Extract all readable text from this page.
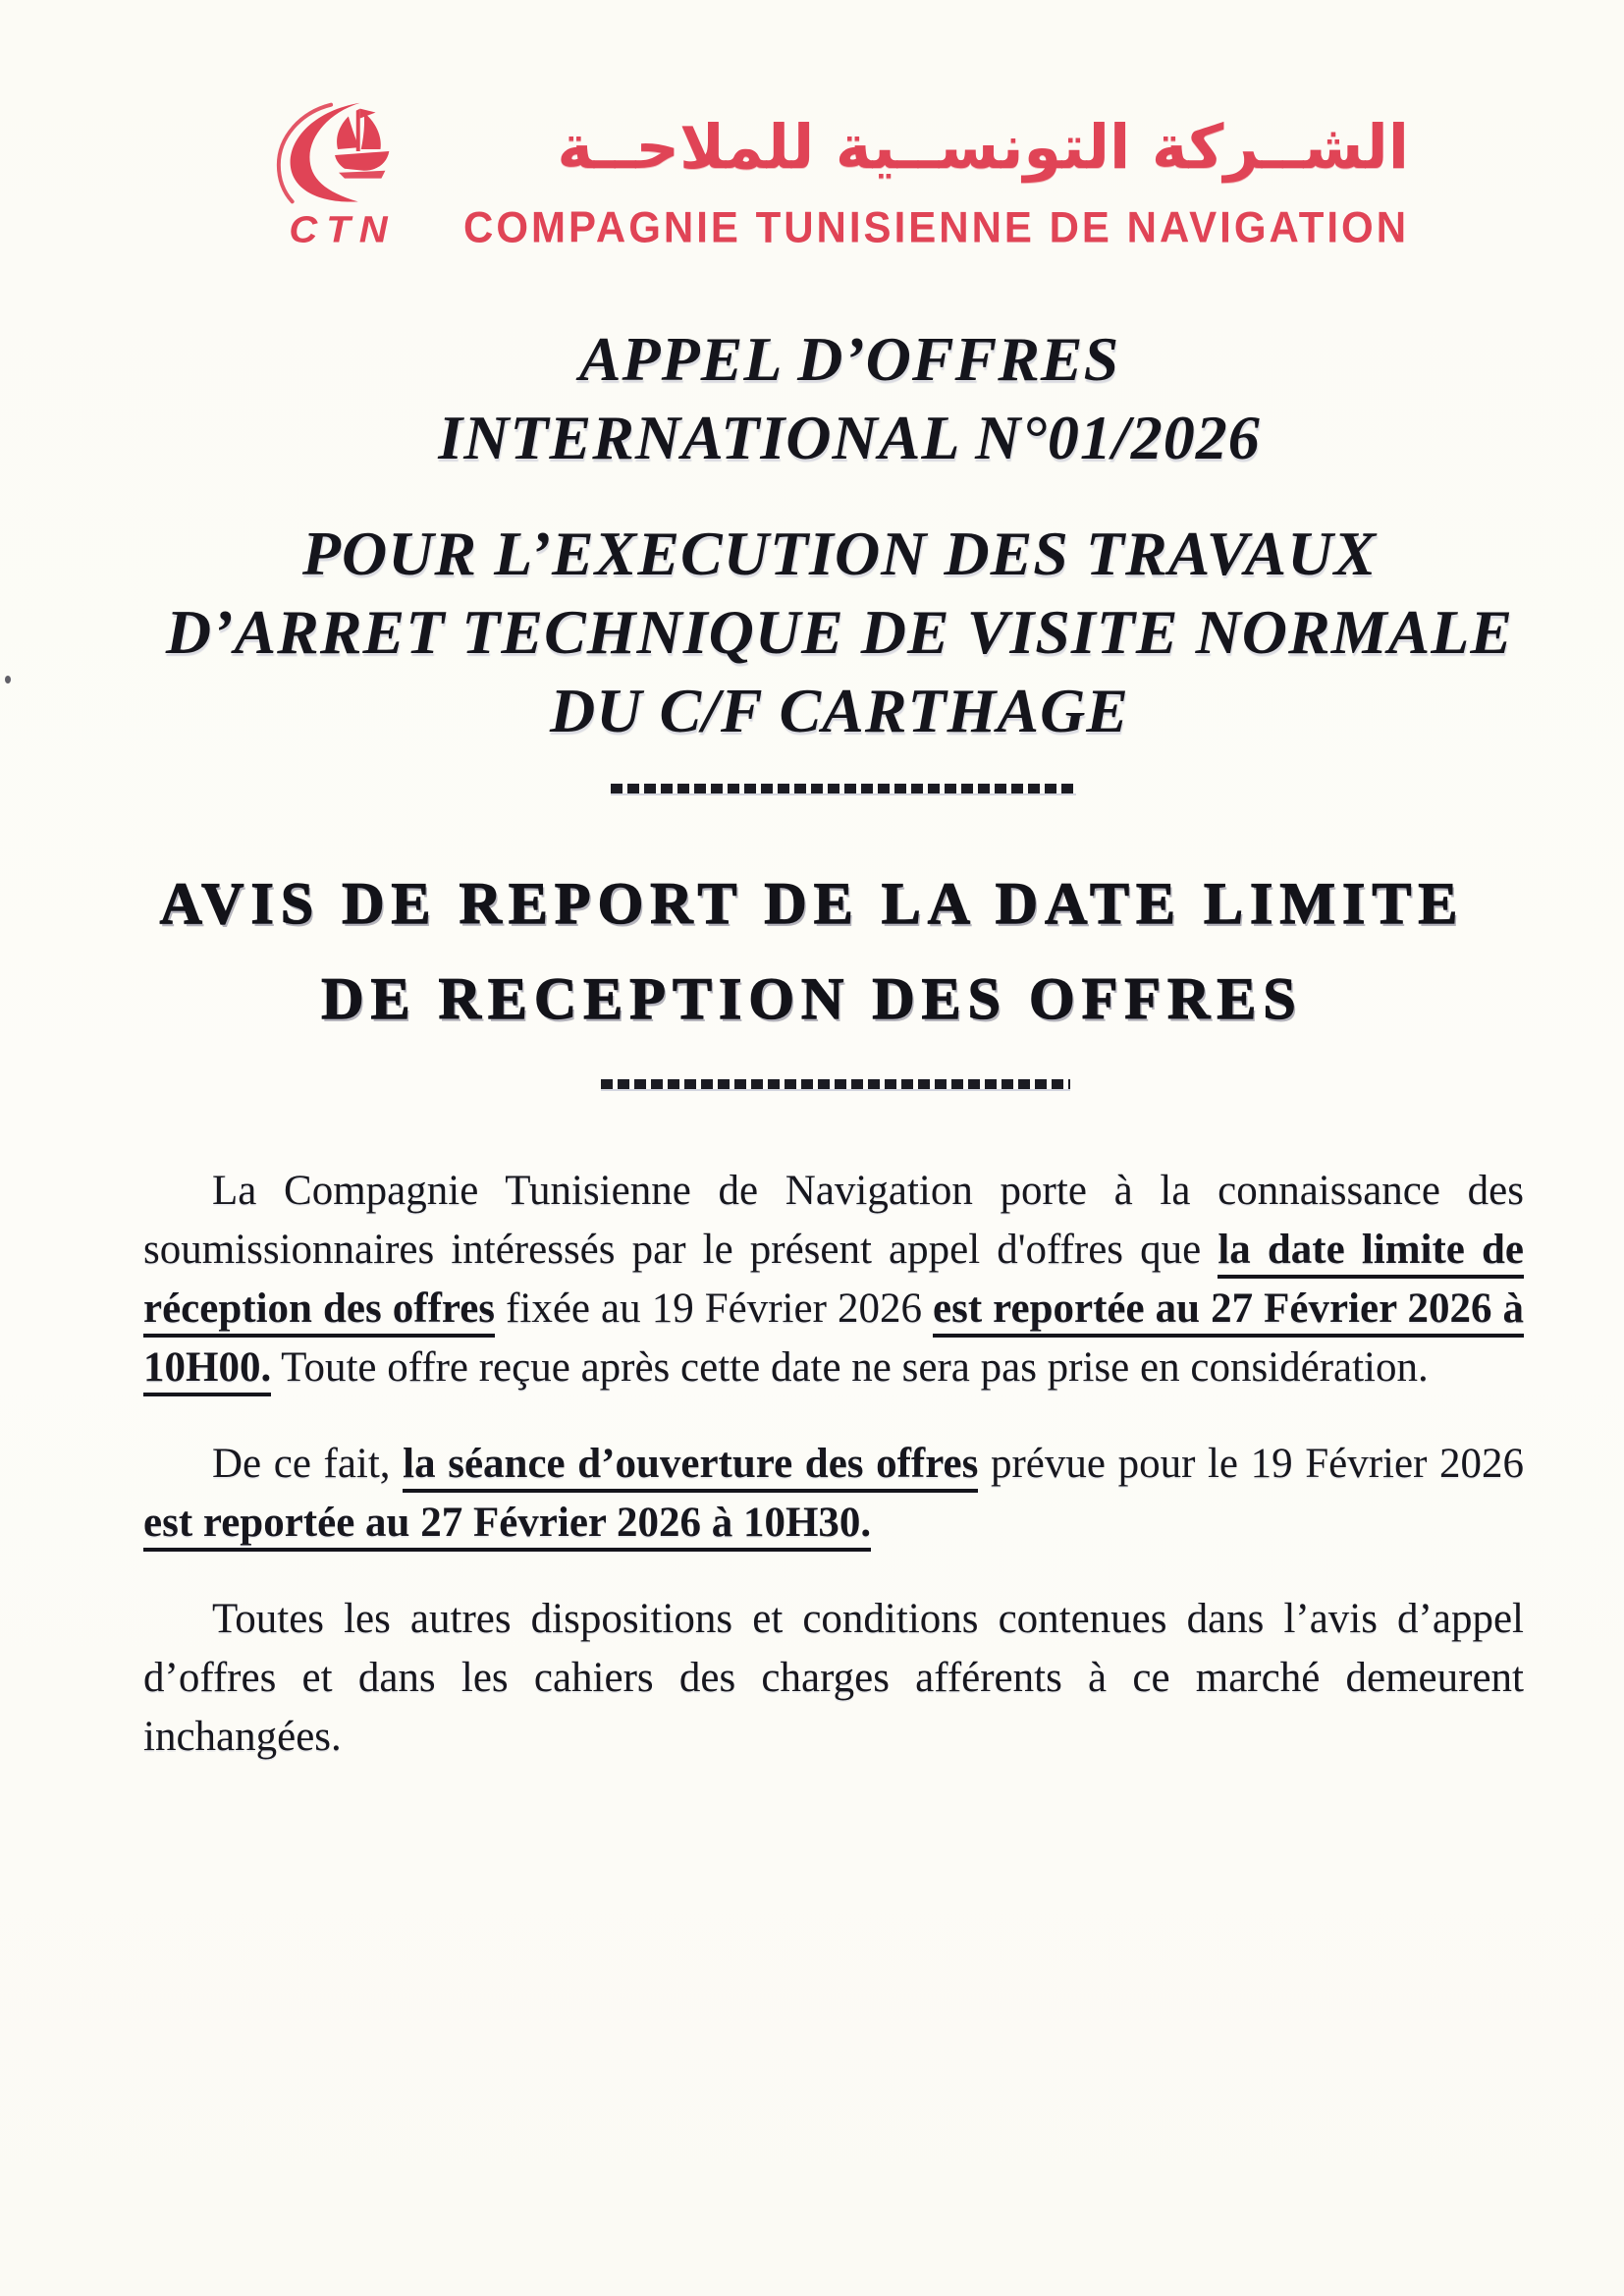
CTN
الشــركة التونســية للملاحــة
COMPAGNIE TUNISIENNE DE NAVIGATION
APPEL D’OFFRES
INTERNATIONAL N°01/2026
POUR L’EXECUTION DES TRAVAUX
D’ARRET TECHNIQUE DE VISITE NORMALE
DU C/F CARTHAGE
AVIS DE REPORT DE LA DATE LIMITE
DE RECEPTION DES OFFRES

La Compagnie Tunisienne de Navigation porte à la connaissance des soumissionnaires intéressés par le présent appel d'offres que la date limite de réception des offres fixée au 19 Février 2026 est reportée au 27 Février 2026 à 10H00. Toute offre reçue après cette date ne sera pas prise en considération.

De ce fait, la séance d’ouverture des offres prévue pour le 19 Février 2026 est reportée au 27 Février 2026 à 10H30.

Toutes les autres dispositions et conditions contenues dans l’avis d’appel d’offres et dans les cahiers des charges afférents à ce marché demeurent inchangées.
